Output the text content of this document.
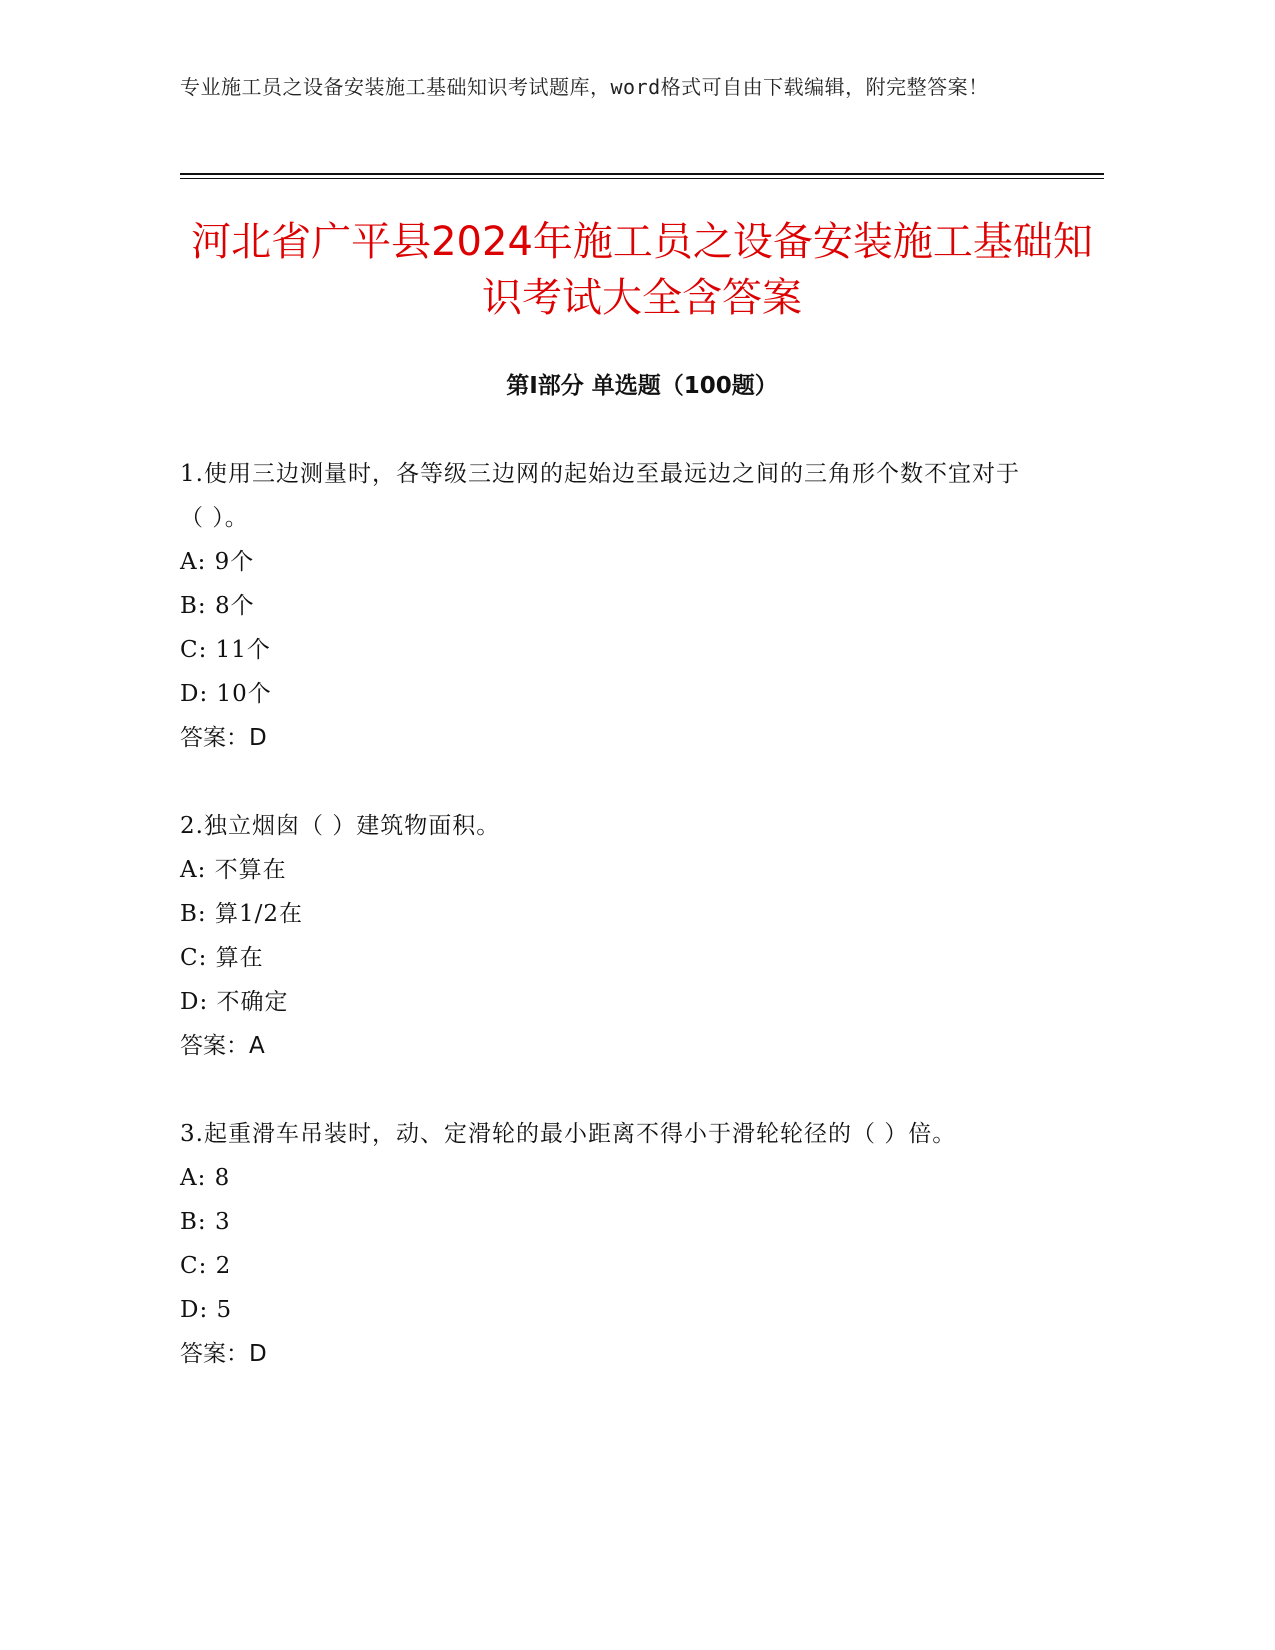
专业施工员之设备安装施工基础知识考试题库，word格式可自由下载编辑，附完整答案！
河北省广平县2024年施工员之设备安装施工基础知识考试大全含答案
第Ⅰ部分 单选题（100题）
1.使用三边测量时，各等级三边网的起始边至最远边之间的三角形个数不宜对于（ ）。
A: 9个
B: 8个
C: 11个
D: 10个
答案：D
2.独立烟囱（ ）建筑物面积。
A: 不算在
B: 算1/2在
C: 算在
D: 不确定
答案：A
3.起重滑车吊装时，动、定滑轮的最小距离不得小于滑轮轮径的（ ）倍。
A: 8
B: 3
C: 2
D: 5
答案：D
